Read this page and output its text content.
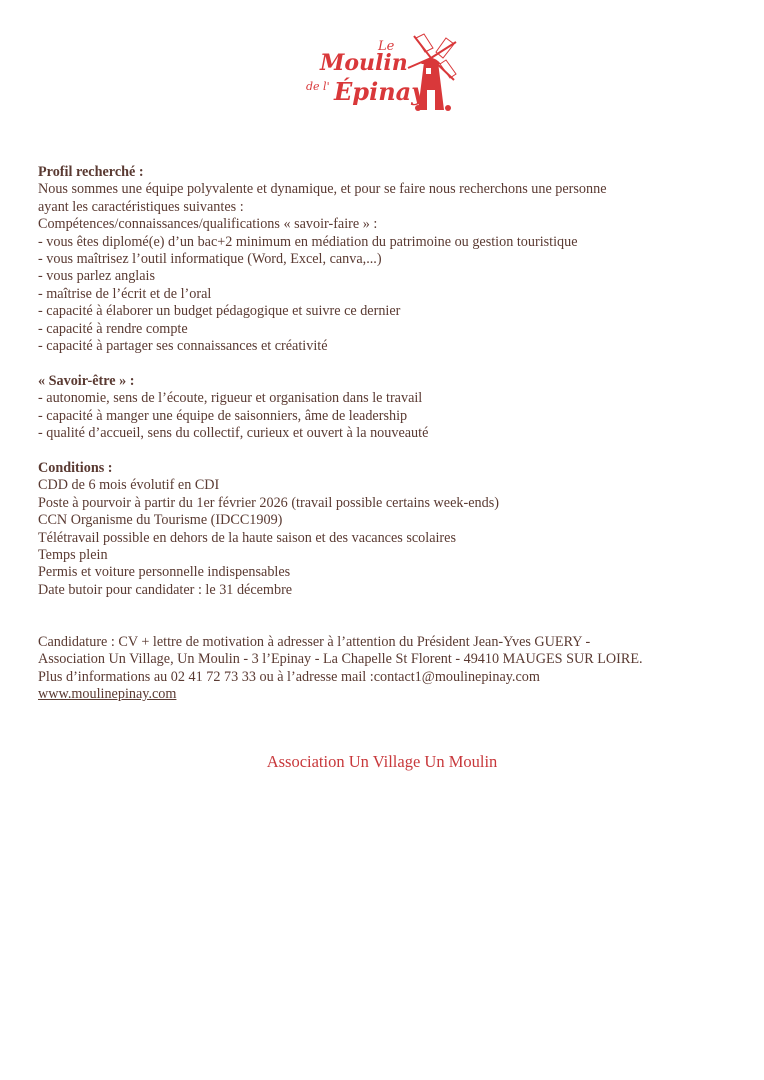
Le
Moulin
de l' Épinay

Profil recherché :

Nous sommes une équipe polyvalente et dynamique, et pour se faire nous recherchons une personne

ayant les caractéristiques suivantes :

Compétences/connaissances/qualifications « savoir-faire » :

- vous êtes diplomé(e) d’un bac+2 minimum en médiation du patrimoine ou gestion touristique

- vous maîtrisez l’outil informatique (Word, Excel, canva,...)

- vous parlez anglais

- maîtrise de l’écrit et de l’oral

- capacité à élaborer un budget pédagogique et suivre ce dernier

- capacité à rendre compte

- capacité à partager ses connaissances et créativité

« Savoir-être » :

- autonomie, sens de l’écoute, rigueur et organisation dans le travail

- capacité à manger une équipe de saisonniers, âme de leadership

- qualité d’accueil, sens du collectif, curieux et ouvert à la nouveauté

Conditions :

CDD de 6 mois évolutif en CDI

Poste à pourvoir à partir du 1er février 2026 (travail possible certains week-ends)

CCN Organisme du Tourisme (IDCC1909)

Télétravail possible en dehors de la haute saison et des vacances scolaires

Temps plein

Permis et voiture personnelle indispensables

Date butoir pour candidater : le 31 décembre

Candidature : CV + lettre de motivation à adresser à l’attention du Président Jean-Yves GUERY -

Association Un Village, Un Moulin - 3 l’Epinay - La Chapelle St Florent - 49410 MAUGES SUR LOIRE.

Plus d’informations au 02 41 72 73 33 ou à l’adresse mail :contact1@moulinepinay.com

www.moulinepinay.com

Association Un Village Un Moulin
